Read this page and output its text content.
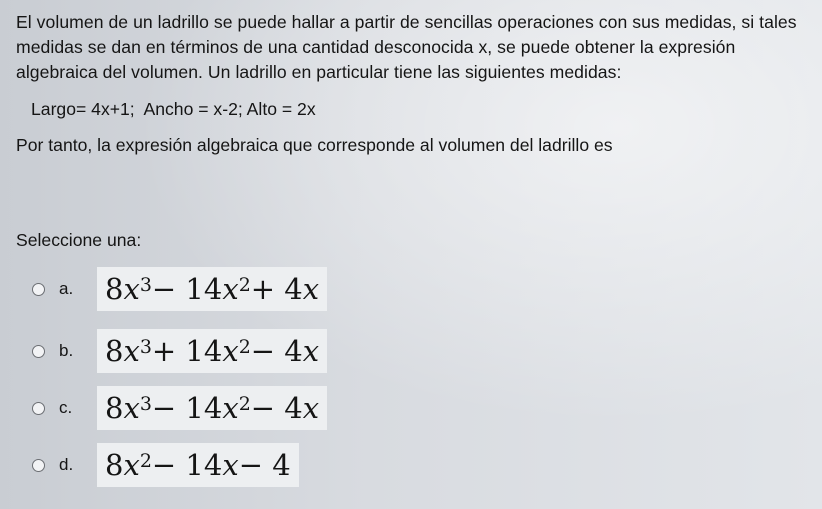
El volumen de un ladrillo se puede hallar a partir de sencillas operaciones con sus medidas, si tales

medidas se dan en términos de una cantidad desconocida x, se puede obtener la expresión

algebraica del volumen. Un ladrillo en particular tiene las siguientes medidas:

Largo= 4x+1;  Ancho = x-2; Alto = 2x
Por tanto, la expresión algebraica que corresponde al volumen del ladrillo es
Seleccione una:
a.	8 $x^3 - 14$ $x^2 + 4$ x
b.	8 $x^3 + 14$ $x^2 - 4$ x
c.	8 $x^3 - 14$ $x^2 - 4$ x
d.	8 $x^2 - 14$ x − 4
